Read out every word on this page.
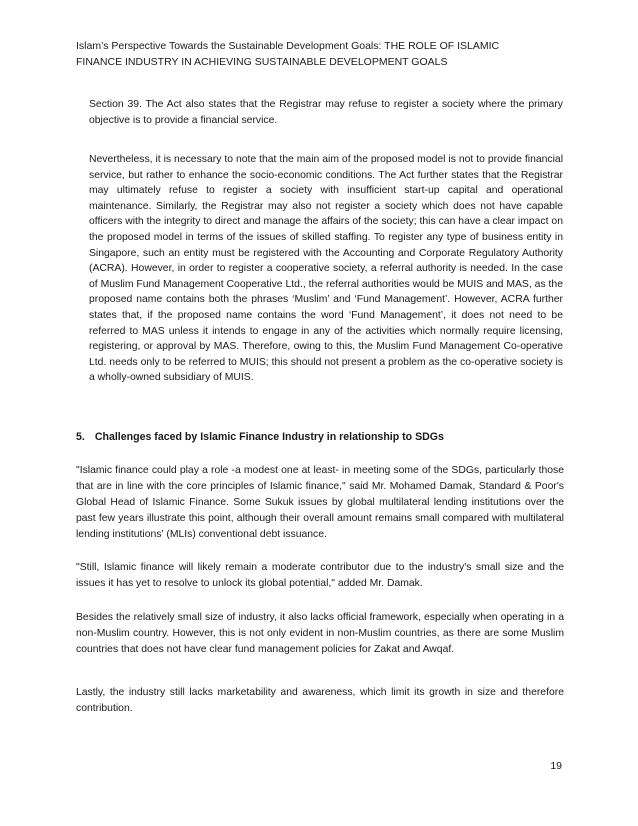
Islam’s Perspective Towards the Sustainable Development Goals: THE ROLE OF ISLAMIC
FINANCE INDUSTRY IN ACHIEVING SUSTAINABLE DEVELOPMENT GOALS

Section 39. The Act also states that the Registrar may refuse to register a society where the primary objective is to provide a financial service.

Nevertheless, it is necessary to note that the main aim of the proposed model is not to provide financial service, but rather to enhance the socio-economic conditions. The Act further states that the Registrar may ultimately refuse to register a society with insufficient start-up capital and operational maintenance. Similarly, the Registrar may also not register a society which does not have capable officers with the integrity to direct and manage the affairs of the society; this can have a clear impact on the proposed model in terms of the issues of skilled staffing. To register any type of business entity in Singapore, such an entity must be registered with the Accounting and Corporate Regulatory Authority (ACRA). However, in order to register a cooperative society, a referral authority is needed. In the case of Muslim Fund Management Cooperative Ltd., the referral authorities would be MUIS and MAS, as the proposed name contains both the phrases ‘Muslim’ and ‘Fund Management’. However, ACRA further states that, if the proposed name contains the word ‘Fund Management’, it does not need to be referred to MAS unless it intends to engage in any of the activities which normally require licensing, registering, or approval by MAS. Therefore, owing to this, the Muslim Fund Management Co-operative Ltd. needs only to be referred to MUIS; this should not present a problem as the co-operative society is a wholly-owned subsidiary of MUIS.

5. Challenges faced by Islamic Finance Industry in relationship to SDGs

"Islamic finance could play a role -a modest one at least- in meeting some of the SDGs, particularly those that are in line with the core principles of Islamic finance," said Mr. Mohamed Damak, Standard & Poor's Global Head of Islamic Finance. Some Sukuk issues by global multilateral lending institutions over the past few years illustrate this point, although their overall amount remains small compared with multilateral lending institutions' (MLIs) conventional debt issuance.

"Still, Islamic finance will likely remain a moderate contributor due to the industry's small size and the issues it has yet to resolve to unlock its global potential," added Mr. Damak.

Besides the relatively small size of industry, it also lacks official framework, especially when operating in a non-Muslim country. However, this is not only evident in non-Muslim countries, as there are some Muslim countries that does not have clear fund management policies for Zakat and Awqaf.

Lastly, the industry still lacks marketability and awareness, which limit its growth in size and therefore contribution.

19
